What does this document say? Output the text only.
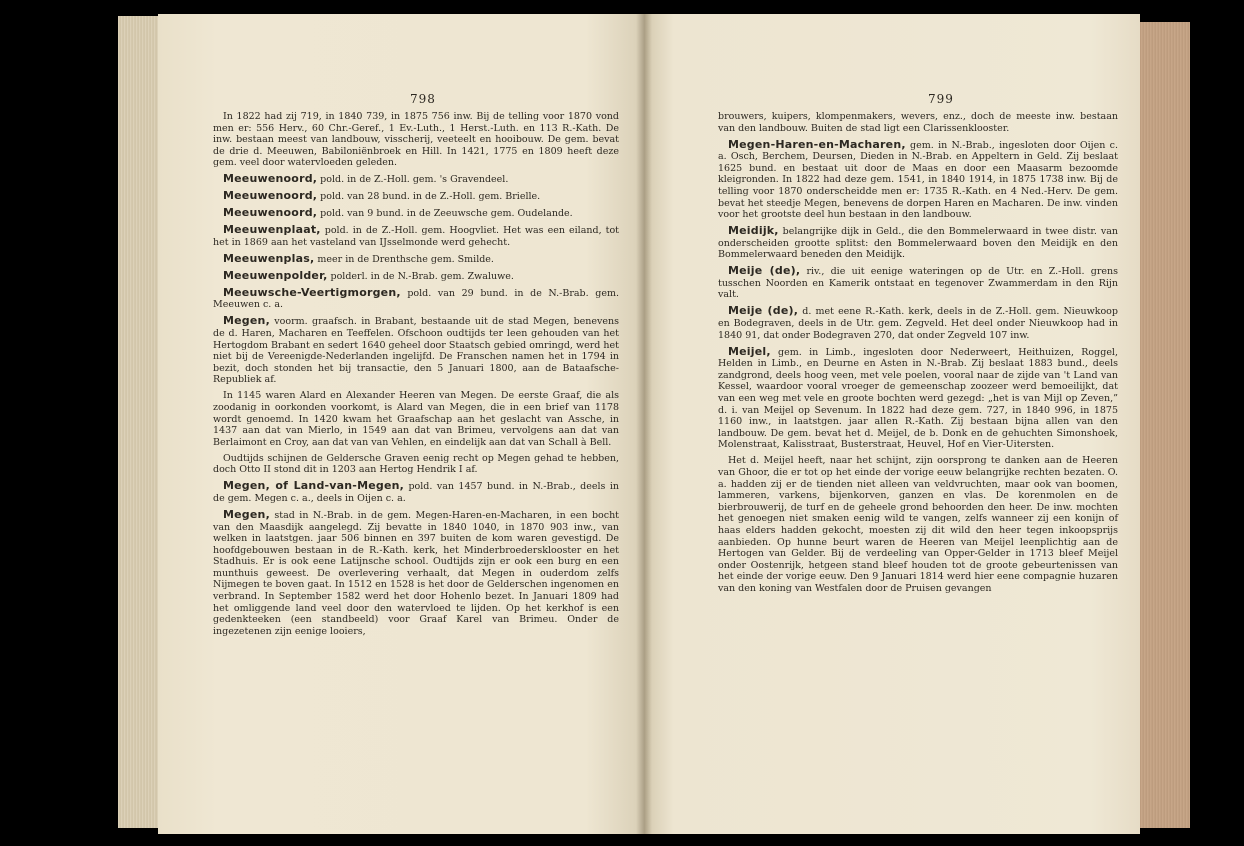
798

In 1822 had zij 719, in 1840 739, in 1875 756 inw. Bij de telling voor 1870 vond men er: 556 Herv., 60 Chr.-Geref., 1 Ev.-Luth., 1 Herst.-Luth. en 113 R.-Kath. De inw. bestaan meest van landbouw, visscherij, veeteelt en hooibouw. De gem. bevat de drie d. Meeuwen, Babiloniënbroek en Hill. In 1421, 1775 en 1809 heeft deze gem. veel door watervloeden geleden.

Meeuwenoord, pold. in de Z.-Holl. gem. 's Gravendeel.

Meeuwenoord, pold. van 28 bund. in de Z.-Holl. gem. Brielle.

Meeuwenoord, pold. van 9 bund. in de Zeeuwsche gem. Oudelande.

Meeuwenplaat, pold. in de Z.-Holl. gem. Hoogvliet. Het was een eiland, tot het in 1869 aan het vasteland van IJsselmonde werd gehecht.

Meeuwenplas, meer in de Drenthsche gem. Smilde.

Meeuwenpolder, polderl. in de N.-Brab. gem. Zwaluwe.

Meeuwsche-Veertigmorgen, pold. van 29 bund. in de N.-Brab. gem. Meeuwen c. a.

Megen, voorm. graafsch. in Brabant, bestaande uit de stad Megen, benevens de d. Haren, Macharen en Teeffelen. Ofschoon oudtijds ter leen gehouden van het Hertogdom Brabant en sedert 1640 geheel door Staatsch gebied omringd, werd het niet bij de Vereenigde-Nederlanden ingelijfd. De Franschen namen het in 1794 in bezit, doch stonden het bij transactie, den 5 Januari 1800, aan de Bataafsche-Republiek af.

In 1145 waren Alard en Alexander Heeren van Megen. De eerste Graaf, die als zoodanig in oorkonden voorkomt, is Alard van Megen, die in een brief van 1178 wordt genoemd. In 1420 kwam het Graafschap aan het geslacht van Assche, in 1437 aan dat van Mierlo, in 1549 aan dat van Brimeu, vervolgens aan dat van Berlaimont en Croy, aan dat van van Vehlen, en eindelijk aan dat van Schall à Bell.

Oudtijds schijnen de Geldersche Graven eenig recht op Megen gehad te hebben, doch Otto II stond dit in 1203 aan Hertog Hendrik I af.

Megen, of Land-van-Megen, pold. van 1457 bund. in N.-Brab., deels in de gem. Megen c. a., deels in Oijen c. a.

Megen, stad in N.-Brab. in de gem. Megen-Haren-en-Macharen, in een bocht van den Maasdijk aangelegd. Zij bevatte in 1840 1040, in 1870 903 inw., van welken in laatstgen. jaar 506 binnen en 397 buiten de kom waren gevestigd. De hoofdgebouwen bestaan in de R.-Kath. kerk, het Minderbroedersklooster en het Stadhuis. Er is ook eene Latijnsche school. Oudtijds zijn er ook een burg en een munthuis geweest. De overlevering verhaalt, dat Megen in ouderdom zelfs Nijmegen te boven gaat. In 1512 en 1528 is het door de Gelderschen ingenomen en verbrand. In September 1582 werd het door Hohenlo bezet. In Januari 1809 had het omliggende land veel door den watervloed te lijden. Op het kerkhof is een gedenkteeken (een standbeeld) voor Graaf Karel van Brimeu. Onder de ingezetenen zijn eenige looiers,

799

brouwers, kuipers, klompenmakers, wevers, enz., doch de meeste inw. bestaan van den landbouw. Buiten de stad ligt een Clarissenklooster.

Megen-Haren-en-Macharen, gem. in N.-Brab., ingesloten door Oijen c. a. Osch, Berchem, Deursen, Dieden in N.-Brab. en Appeltern in Geld. Zij beslaat 1625 bund. en bestaat uit door de Maas en door een Maasarm bezoomde kleigronden. In 1822 had deze gem. 1541, in 1840 1914, in 1875 1738 inw. Bij de telling voor 1870 onderscheidde men er: 1735 R.-Kath. en 4 Ned.-Herv. De gem. bevat het steedje Megen, benevens de dorpen Haren en Macharen. De inw. vinden voor het grootste deel hun bestaan in den landbouw.

Meidijk, belangrijke dijk in Geld., die den Bommelerwaard in twee distr. van onderscheiden grootte splitst: den Bommelerwaard boven den Meidijk en den Bommelerwaard beneden den Meidijk.

Meije (de), riv., die uit eenige wateringen op de Utr. en Z.-Holl. grens tusschen Noorden en Kamerik ontstaat en tegenover Zwammerdam in den Rijn valt.

Meije (de), d. met eene R.-Kath. kerk, deels in de Z.-Holl. gem. Nieuwkoop en Bodegraven, deels in de Utr. gem. Zegveld. Het deel onder Nieuwkoop had in 1840 91, dat onder Bodegraven 270, dat onder Zegveld 107 inw.

Meijel, gem. in Limb., ingesloten door Nederweert, Heithuizen, Roggel, Helden in Limb., en Deurne en Asten in N.-Brab. Zij beslaat 1883 bund., deels zandgrond, deels hoog veen, met vele poelen, vooral naar de zijde van 't Land van Kessel, waardoor vooral vroeger de gemeenschap zoozeer werd bemoeilijkt, dat van een weg met vele en groote bochten werd gezegd: „het is van Mijl op Zeven,” d. i. van Meijel op Sevenum. In 1822 had deze gem. 727, in 1840 996, in 1875 1160 inw., in laatstgen. jaar allen R.-Kath. Zij bestaan bijna allen van den landbouw. De gem. bevat het d. Meijel, de b. Donk en de gehuchten Simonshoek, Molenstraat, Kalisstraat, Busterstraat, Heuvel, Hof en Vier-Uitersten.

Het d. Meijel heeft, naar het schijnt, zijn oorsprong te danken aan de Heeren van Ghoor, die er tot op het einde der vorige eeuw belangrijke rechten bezaten. O. a. hadden zij er de tienden niet alleen van veldvruchten, maar ook van boomen, lammeren, varkens, bijenkorven, ganzen en vlas. De korenmolen en de bierbrouwerij, de turf en de geheele grond behoorden den heer. De inw. mochten het genoegen niet smaken eenig wild te vangen, zelfs wanneer zij een konijn of haas elders hadden gekocht, moesten zij dit wild den heer tegen inkoopsprijs aanbieden. Op hunne beurt waren de Heeren van Meijel leenplichtig aan de Hertogen van Gelder. Bij de verdeeling van Opper-Gelder in 1713 bleef Meijel onder Oostenrijk, hetgeen stand bleef houden tot de groote gebeurtenissen van het einde der vorige eeuw. Den 9 Januari 1814 werd hier eene compagnie huzaren van den koning van Westfalen door de Pruisen gevangen
